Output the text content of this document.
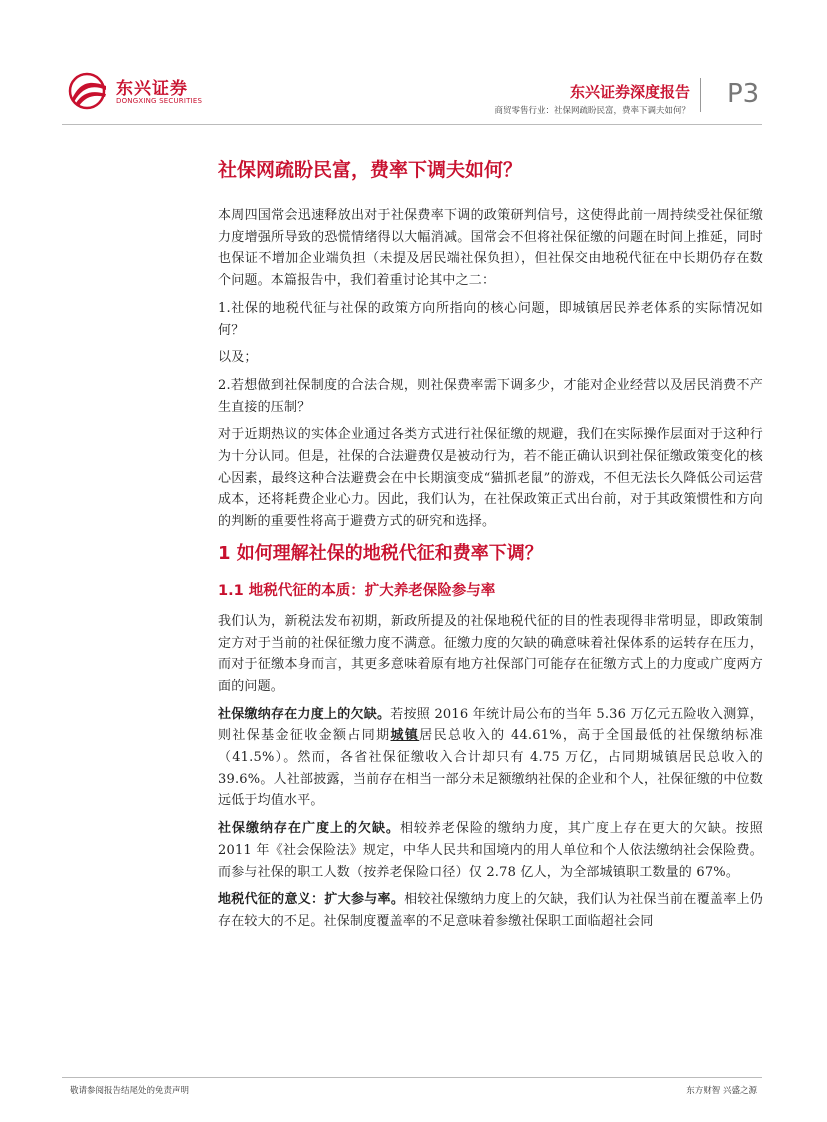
东兴证券
DONGXING SECURITIES	东兴证券深度报告
商贸零售行业：社保网疏盼民富，费率下调夫如何？
P3
社保网疏盼民富，费率下调夫如何？

本周四国常会迅速释放出对于社保费率下调的政策研判信号，这使得此前一周持续受社保征缴力度增强所导致的恐慌情绪得以大幅消减。国常会不但将社保征缴的问题在时间上推延，同时也保证不增加企业端负担（未提及居民端社保负担），但社保交由地税代征在中长期仍存在数个问题。本篇报告中，我们着重讨论其中之二：

1.社保的地税代征与社保的政策方向所指向的核心问题，即城镇居民养老体系的实际情况如何？

以及；

2.若想做到社保制度的合法合规，则社保费率需下调多少，才能对企业经营以及居民消费不产生直接的压制？

对于近期热议的实体企业通过各类方式进行社保征缴的规避，我们在实际操作层面对于这种行为十分认同。但是，社保的合法避费仅是被动行为，若不能正确认识到社保征缴政策变化的核心因素，最终这种合法避费会在中长期演变成“猫抓老鼠”的游戏，不但无法长久降低公司运营成本，还将耗费企业心力。因此，我们认为，在社保政策正式出台前，对于其政策惯性和方向的判断的重要性将高于避费方式的研究和选择。

1 如何理解社保的地税代征和费率下调？
1.1 地税代征的本质：扩大养老保险参与率

我们认为，新税法发布初期，新政所提及的社保地税代征的目的性表现得非常明显，即政策制定方对于当前的社保征缴力度不满意。征缴力度的欠缺的确意味着社保体系的运转存在压力，而对于征缴本身而言，其更多意味着原有地方社保部门可能存在征缴方式上的力度或广度两方面的问题。

社保缴纳存在力度上的欠缺。若按照 2016 年统计局公布的当年 5.36 万亿元五险收入测算，则社保基金征收金额占同期城镇居民总收入的 44.61%，高于全国最低的社保缴纳标准（41.5%）。然而，各省社保征缴收入合计却只有 4.75 万亿，占同期城镇居民总收入的 39.6%。人社部披露，当前存在相当一部分未足额缴纳社保的企业和个人，社保征缴的中位数远低于均值水平。

社保缴纳存在广度上的欠缺。相较养老保险的缴纳力度，其广度上存在更大的欠缺。按照 2011 年《社会保险法》规定，中华人民共和国境内的用人单位和个人依法缴纳社会保险费。而参与社保的职工人数（按养老保险口径）仅 2.78 亿人，为全部城镇职工数量的 67%。

地税代征的意义：扩大参与率。相较社保缴纳力度上的欠缺，我们认为社保当前在覆盖率上仍存在较大的不足。社保制度覆盖率的不足意味着参缴社保职工面临超社会同

敬请参阅报告结尾处的免责声明	东方财智 兴盛之源
